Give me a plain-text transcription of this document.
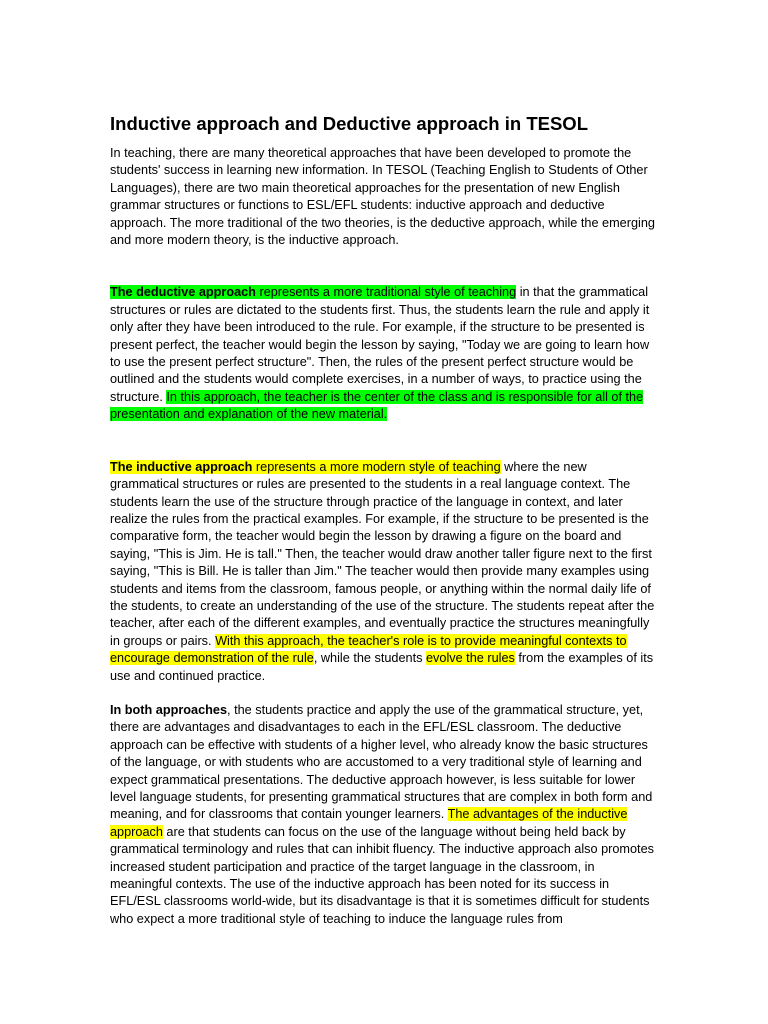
Inductive approach and Deductive approach in TESOL

In teaching, there are many theoretical approaches that have been developed to promote the students' success in learning new information. In TESOL (Teaching English to Students of Other Languages), there are two main theoretical approaches for the presentation of new English grammar structures or functions to ESL/EFL students: inductive approach and deductive approach. The more traditional of the two theories, is the deductive approach, while the emerging and more modern theory, is the inductive approach.

The deductive approach represents a more traditional style of teaching in that the grammatical structures or rules are dictated to the students first. Thus, the students learn the rule and apply it only after they have been introduced to the rule. For example, if the structure to be presented is present perfect, the teacher would begin the lesson by saying, "Today we are going to learn how to use the present perfect structure". Then, the rules of the present perfect structure would be outlined and the students would complete exercises, in a number of ways, to practice using the structure. In this approach, the teacher is the center of the class and is responsible for all of the presentation and explanation of the new material.

The inductive approach represents a more modern style of teaching where the new grammatical structures or rules are presented to the students in a real language context. The students learn the use of the structure through practice of the language in context, and later realize the rules from the practical examples. For example, if the structure to be presented is the comparative form, the teacher would begin the lesson by drawing a figure on the board and saying, "This is Jim. He is tall." Then, the teacher would draw another taller figure next to the first saying, "This is Bill. He is taller than Jim." The teacher would then provide many examples using students and items from the classroom, famous people, or anything within the normal daily life of the students, to create an understanding of the use of the structure. The students repeat after the teacher, after each of the different examples, and eventually practice the structures meaningfully in groups or pairs. With this approach, the teacher's role is to provide meaningful contexts to encourage demonstration of the rule, while the students evolve the rules from the examples of its use and continued practice.

In both approaches, the students practice and apply the use of the grammatical structure, yet, there are advantages and disadvantages to each in the EFL/ESL classroom. The deductive approach can be effective with students of a higher level, who already know the basic structures of the language, or with students who are accustomed to a very traditional style of learning and expect grammatical presentations. The deductive approach however, is less suitable for lower level language students, for presenting grammatical structures that are complex in both form and meaning, and for classrooms that contain younger learners. The advantages of the inductive approach are that students can focus on the use of the language without being held back by grammatical terminology and rules that can inhibit fluency. The inductive approach also promotes increased student participation and practice of the target language in the classroom, in meaningful contexts. The use of the inductive approach has been noted for its success in EFL/ESL classrooms world-wide, but its disadvantage is that it is sometimes difficult for students who expect a more traditional style of teaching to induce the language rules from
